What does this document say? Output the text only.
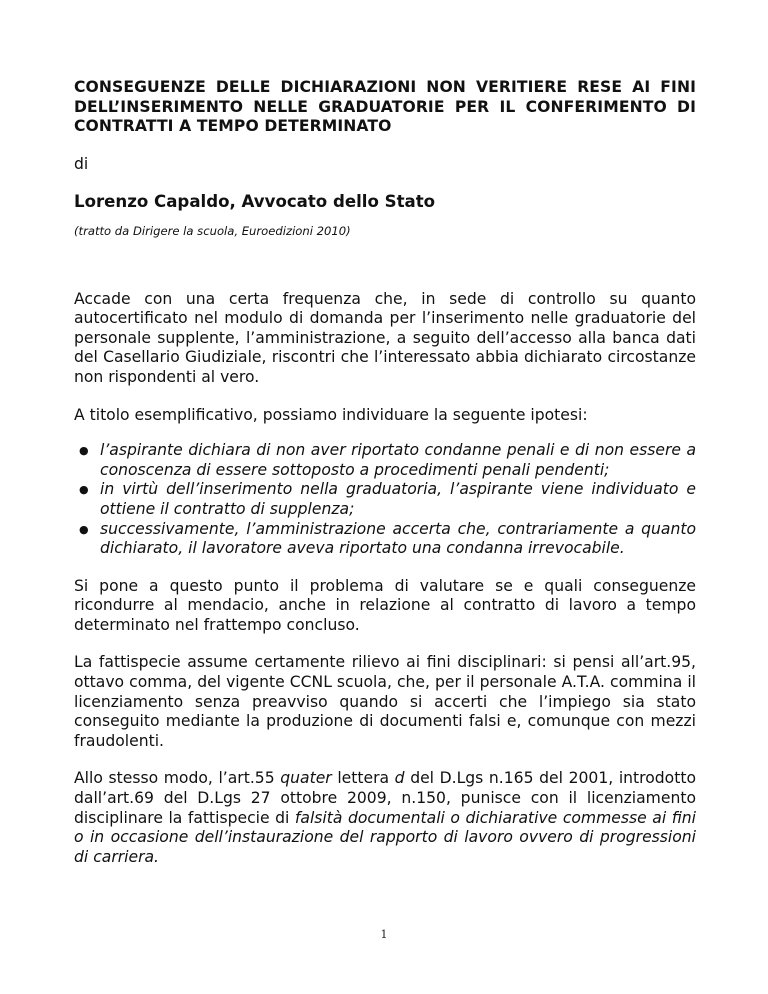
CONSEGUENZE DELLE DICHIARAZIONI NON VERITIERE RESE AI FINI DELL’INSERIMENTO NELLE GRADUATORIE PER IL CONFERIMENTO DI CONTRATTI A TEMPO DETERMINATO

di

Lorenzo Capaldo, Avvocato dello Stato

(tratto da Dirigere la scuola, Euroedizioni 2010)

Accade con una certa frequenza che, in sede di controllo su quanto autocertificato nel modulo di domanda per l’inserimento nelle graduatorie del personale supplente, l’amministrazione, a seguito dell’accesso alla banca dati del Casellario Giudiziale, riscontri che l’interessato abbia dichiarato circostanze non rispondenti al vero.

A titolo esemplificativo, possiamo individuare la seguente ipotesi:

● l’aspirante dichiara di non aver riportato condanne penali e di non essere a conoscenza di essere sottoposto a procedimenti penali pendenti;
● in virtù dell’inserimento nella graduatoria, l’aspirante viene individuato e ottiene il contratto di supplenza;
● successivamente, l’amministrazione accerta che, contrariamente a quanto dichiarato, il lavoratore aveva riportato una condanna irrevocabile.

Si pone a questo punto il problema di valutare se e quali conseguenze ricondurre al mendacio, anche in relazione al contratto di lavoro a tempo determinato nel frattempo concluso.

La fattispecie assume certamente rilievo ai fini disciplinari: si pensi all’art.95, ottavo comma, del vigente CCNL scuola, che, per il personale A.T.A. commina il licenziamento senza preavviso quando si accerti che l’impiego sia stato conseguito mediante la produzione di documenti falsi e, comunque con mezzi fraudolenti.

Allo stesso modo, l’art.55 quater lettera d del D.Lgs n.165 del 2001, introdotto dall’art.69 del D.Lgs 27 ottobre 2009, n.150, punisce con il licenziamento disciplinare la fattispecie di falsità documentali o dichiarative commesse ai fini o in occasione dell’instaurazione del rapporto di lavoro ovvero di progressioni di carriera.

1
